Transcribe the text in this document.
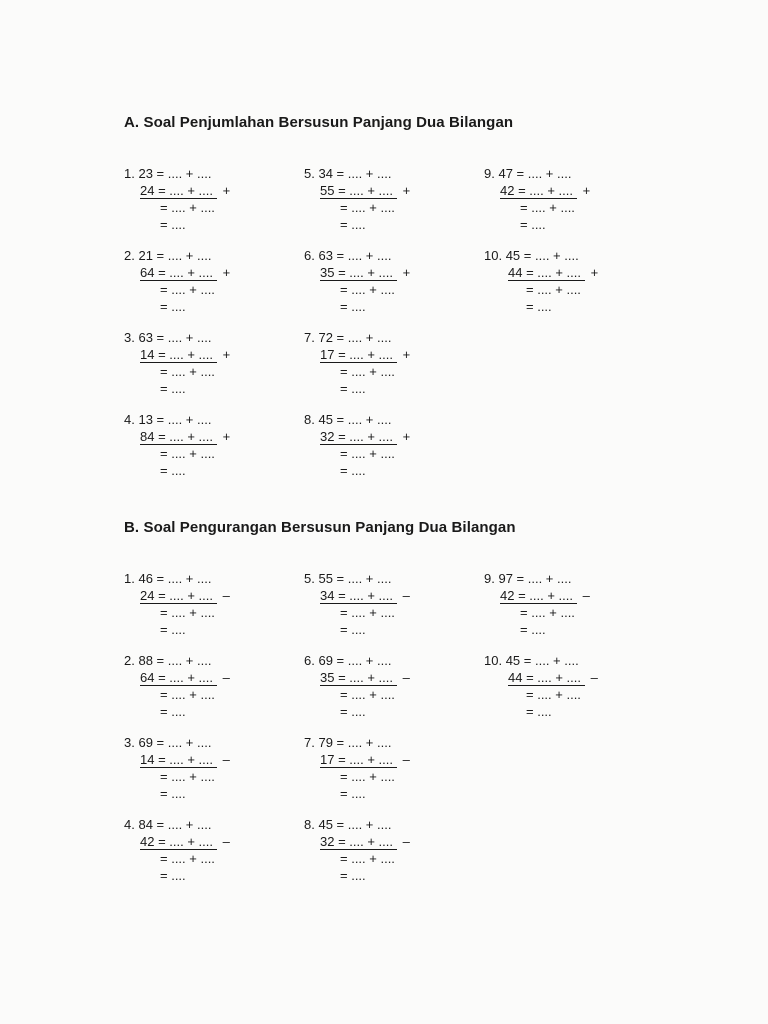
A. Soal Penjumlahan Bersusun Panjang Dua Bilangan
1. 23 = .... + ....
24 = .... + .... +
= .... + ....
= ....
2. 21 = .... + ....
64 = .... + .... +
= .... + ....
= ....
3. 63 = .... + ....
14 = .... + .... +
= .... + ....
= ....
4. 13 = .... + ....
84 = .... + .... +
= .... + ....
= ....
5. 34 = .... + ....
55 = .... + .... +
= .... + ....
= ....
6. 63 = .... + ....
35 = .... + .... +
= .... + ....
= ....
7. 72 = .... + ....
17 = .... + .... +
= .... + ....
= ....
8. 45 = .... + ....
32 = .... + .... +
= .... + ....
= ....
9. 47 = .... + ....
42 = .... + .... +
= .... + ....
= ....
10. 45 = .... + ....
44 = .... + .... +
= .... + ....
= ....
B. Soal Pengurangan Bersusun Panjang Dua Bilangan
1. 46 = .... + ....
24 = .... + .... –
= .... + ....
= ....
2. 88 = .... + ....
64 = .... + .... –
= .... + ....
= ....
3. 69 = .... + ....
14 = .... + .... –
= .... + ....
= ....
4. 84 = .... + ....
42 = .... + .... –
= .... + ....
= ....
5. 55 = .... + ....
34 = .... + .... –
= .... + ....
= ....
6. 69 = .... + ....
35 = .... + .... –
= .... + ....
= ....
7. 79 = .... + ....
17 = .... + .... –
= .... + ....
= ....
8. 45 = .... + ....
32 = .... + .... –
= .... + ....
= ....
9. 97 = .... + ....
42 = .... + .... –
= .... + ....
= ....
10. 45 = .... + ....
44 = .... + .... –
= .... + ....
= ....
